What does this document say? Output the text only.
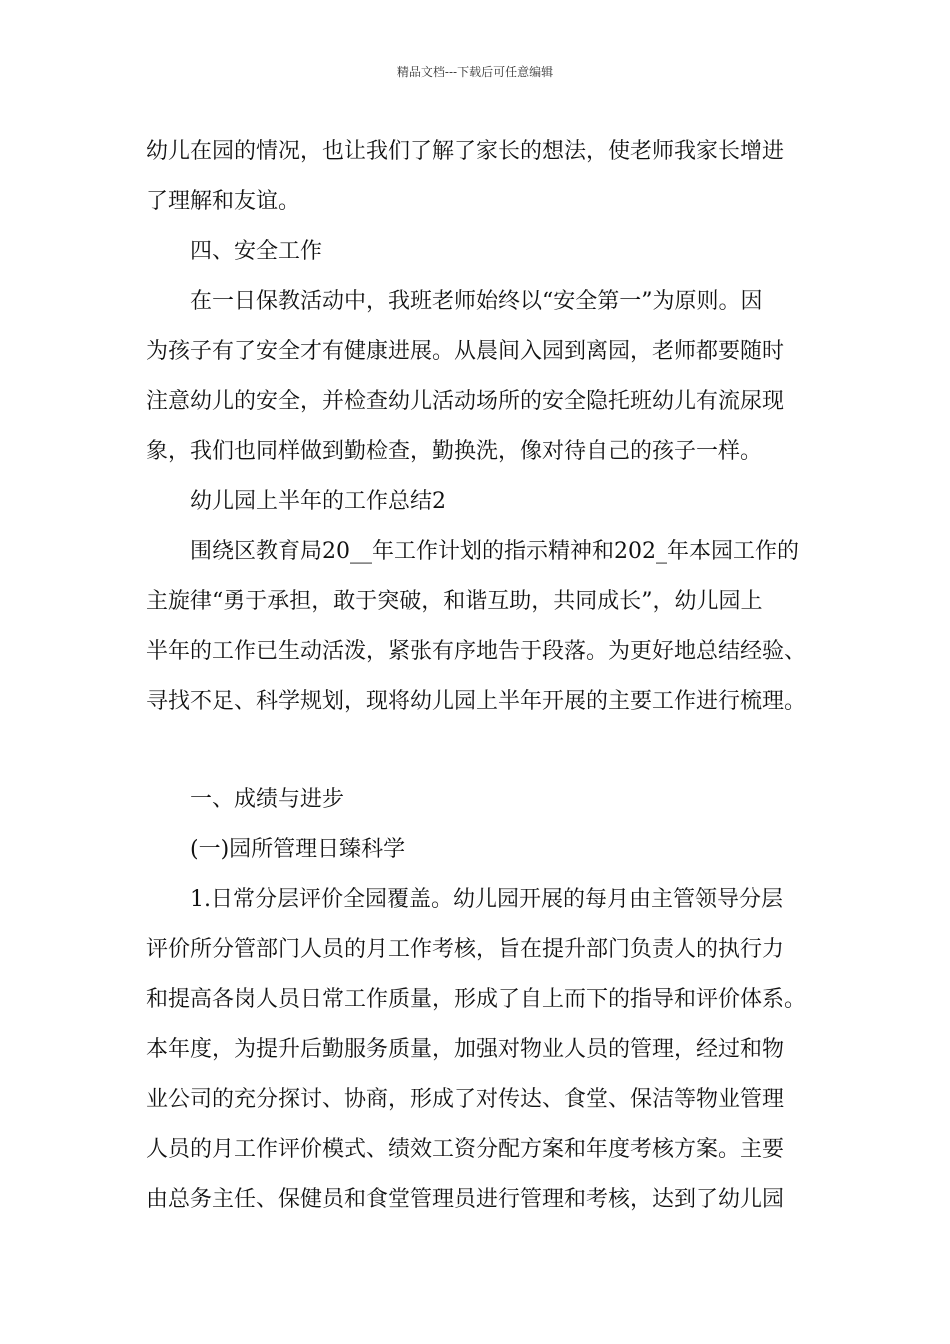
精品文档---下载后可任意编辑
幼儿在园的情况，也让我们了解了家长的想法，使老师我家长增进
了理解和友谊。
四、安全工作
在一日保教活动中，我班老师始终以“安全第一”为原则。因
为孩子有了安全才有健康进展。从晨间入园到离园，老师都要随时
注意幼儿的安全，并检查幼儿活动场所的安全隐托班幼儿有流尿现
象，我们也同样做到勤检查，勤换洗，像对待自己的孩子一样。
幼儿园上半年的工作总结2
围绕区教育局20__年工作计划的指示精神和202_年本园工作的
主旋律“勇于承担，敢于突破，和谐互助，共同成长”，幼儿园上
半年的工作已生动活泼，紧张有序地告于段落。为更好地总结经验、
寻找不足、科学规划，现将幼儿园上半年开展的主要工作进行梳理。
一、成绩与进步
(一)园所管理日臻科学
1.日常分层评价全园覆盖。幼儿园开展的每月由主管领导分层
评价所分管部门人员的月工作考核，旨在提升部门负责人的执行力
和提高各岗人员日常工作质量，形成了自上而下的指导和评价体系。
本年度，为提升后勤服务质量，加强对物业人员的管理，经过和物
业公司的充分探讨、协商，形成了对传达、食堂、保洁等物业管理
人员的月工作评价模式、绩效工资分配方案和年度考核方案。主要
由总务主任、保健员和食堂管理员进行管理和考核，达到了幼儿园
